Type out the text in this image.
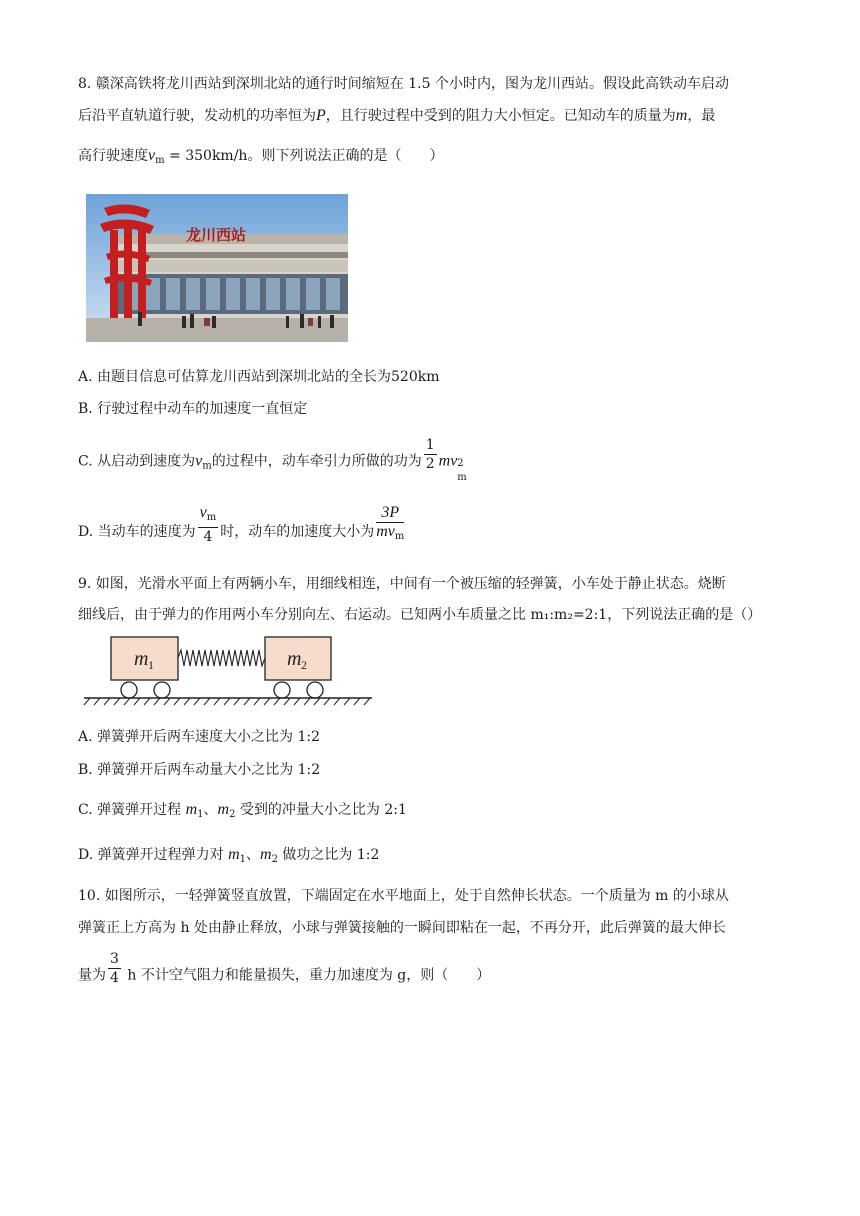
8. 赣深高铁将龙川西站到深圳北站的通行时间缩短在 1.5 个小时内，图为龙川西站。假设此高铁动车启动
后沿平直轨道行驶，发动机的功率恒为P，且行驶过程中受到的阻力大小恒定。已知动车的质量为m，最
高行驶速度$v_m = 350km/h$。则下列说法正确的是（　　）
龙川西站
A. 由题目信息可估算龙川西站到深圳北站的全长为520km
B. 行驶过程中动车的加速度一直恒定
C. 从启动到速度为$v_m$的过程中，动车牵引力所做的功为 $\frac{1}{2}$ mv 2
m
D. 当动车的速度为 $\frac{v_m}{4}$ 时，动车的加速度大小为 $\frac{3P}{mv_m}$
9. 如图，光滑水平面上有两辆小车，用细线相连，中间有一个被压缩的轻弹簧，小车处于静止状态。烧断
细线后，由于弹力的作用两小车分别向左、右运动。已知两小车质量之比 m₁:m₂=2:1，下列说法正确的是（）
m 1	m 2
A. 弹簧弹开后两车速度大小之比为 1:2
B. 弹簧弹开后两车动量大小之比为 1:2
C. 弹簧弹开过程 $m_1$、$m_2$ 受到的冲量大小之比为 2:1
D. 弹簧弹开过程弹力对 $m_1$、$m_2$ 做功之比为 1:2
10. 如图所示，一轻弹簧竖直放置，下端固定在水平地面上，处于自然伸长状态。一个质量为 m 的小球从
弹簧正上方高为 h 处由静止释放，小球与弹簧接触的一瞬间即粘在一起，不再分开，此后弹簧的最大伸长
量为 $\frac{3}{4}$ h 不计空气阻力和能量损失，重力加速度为 g，则（　　）
